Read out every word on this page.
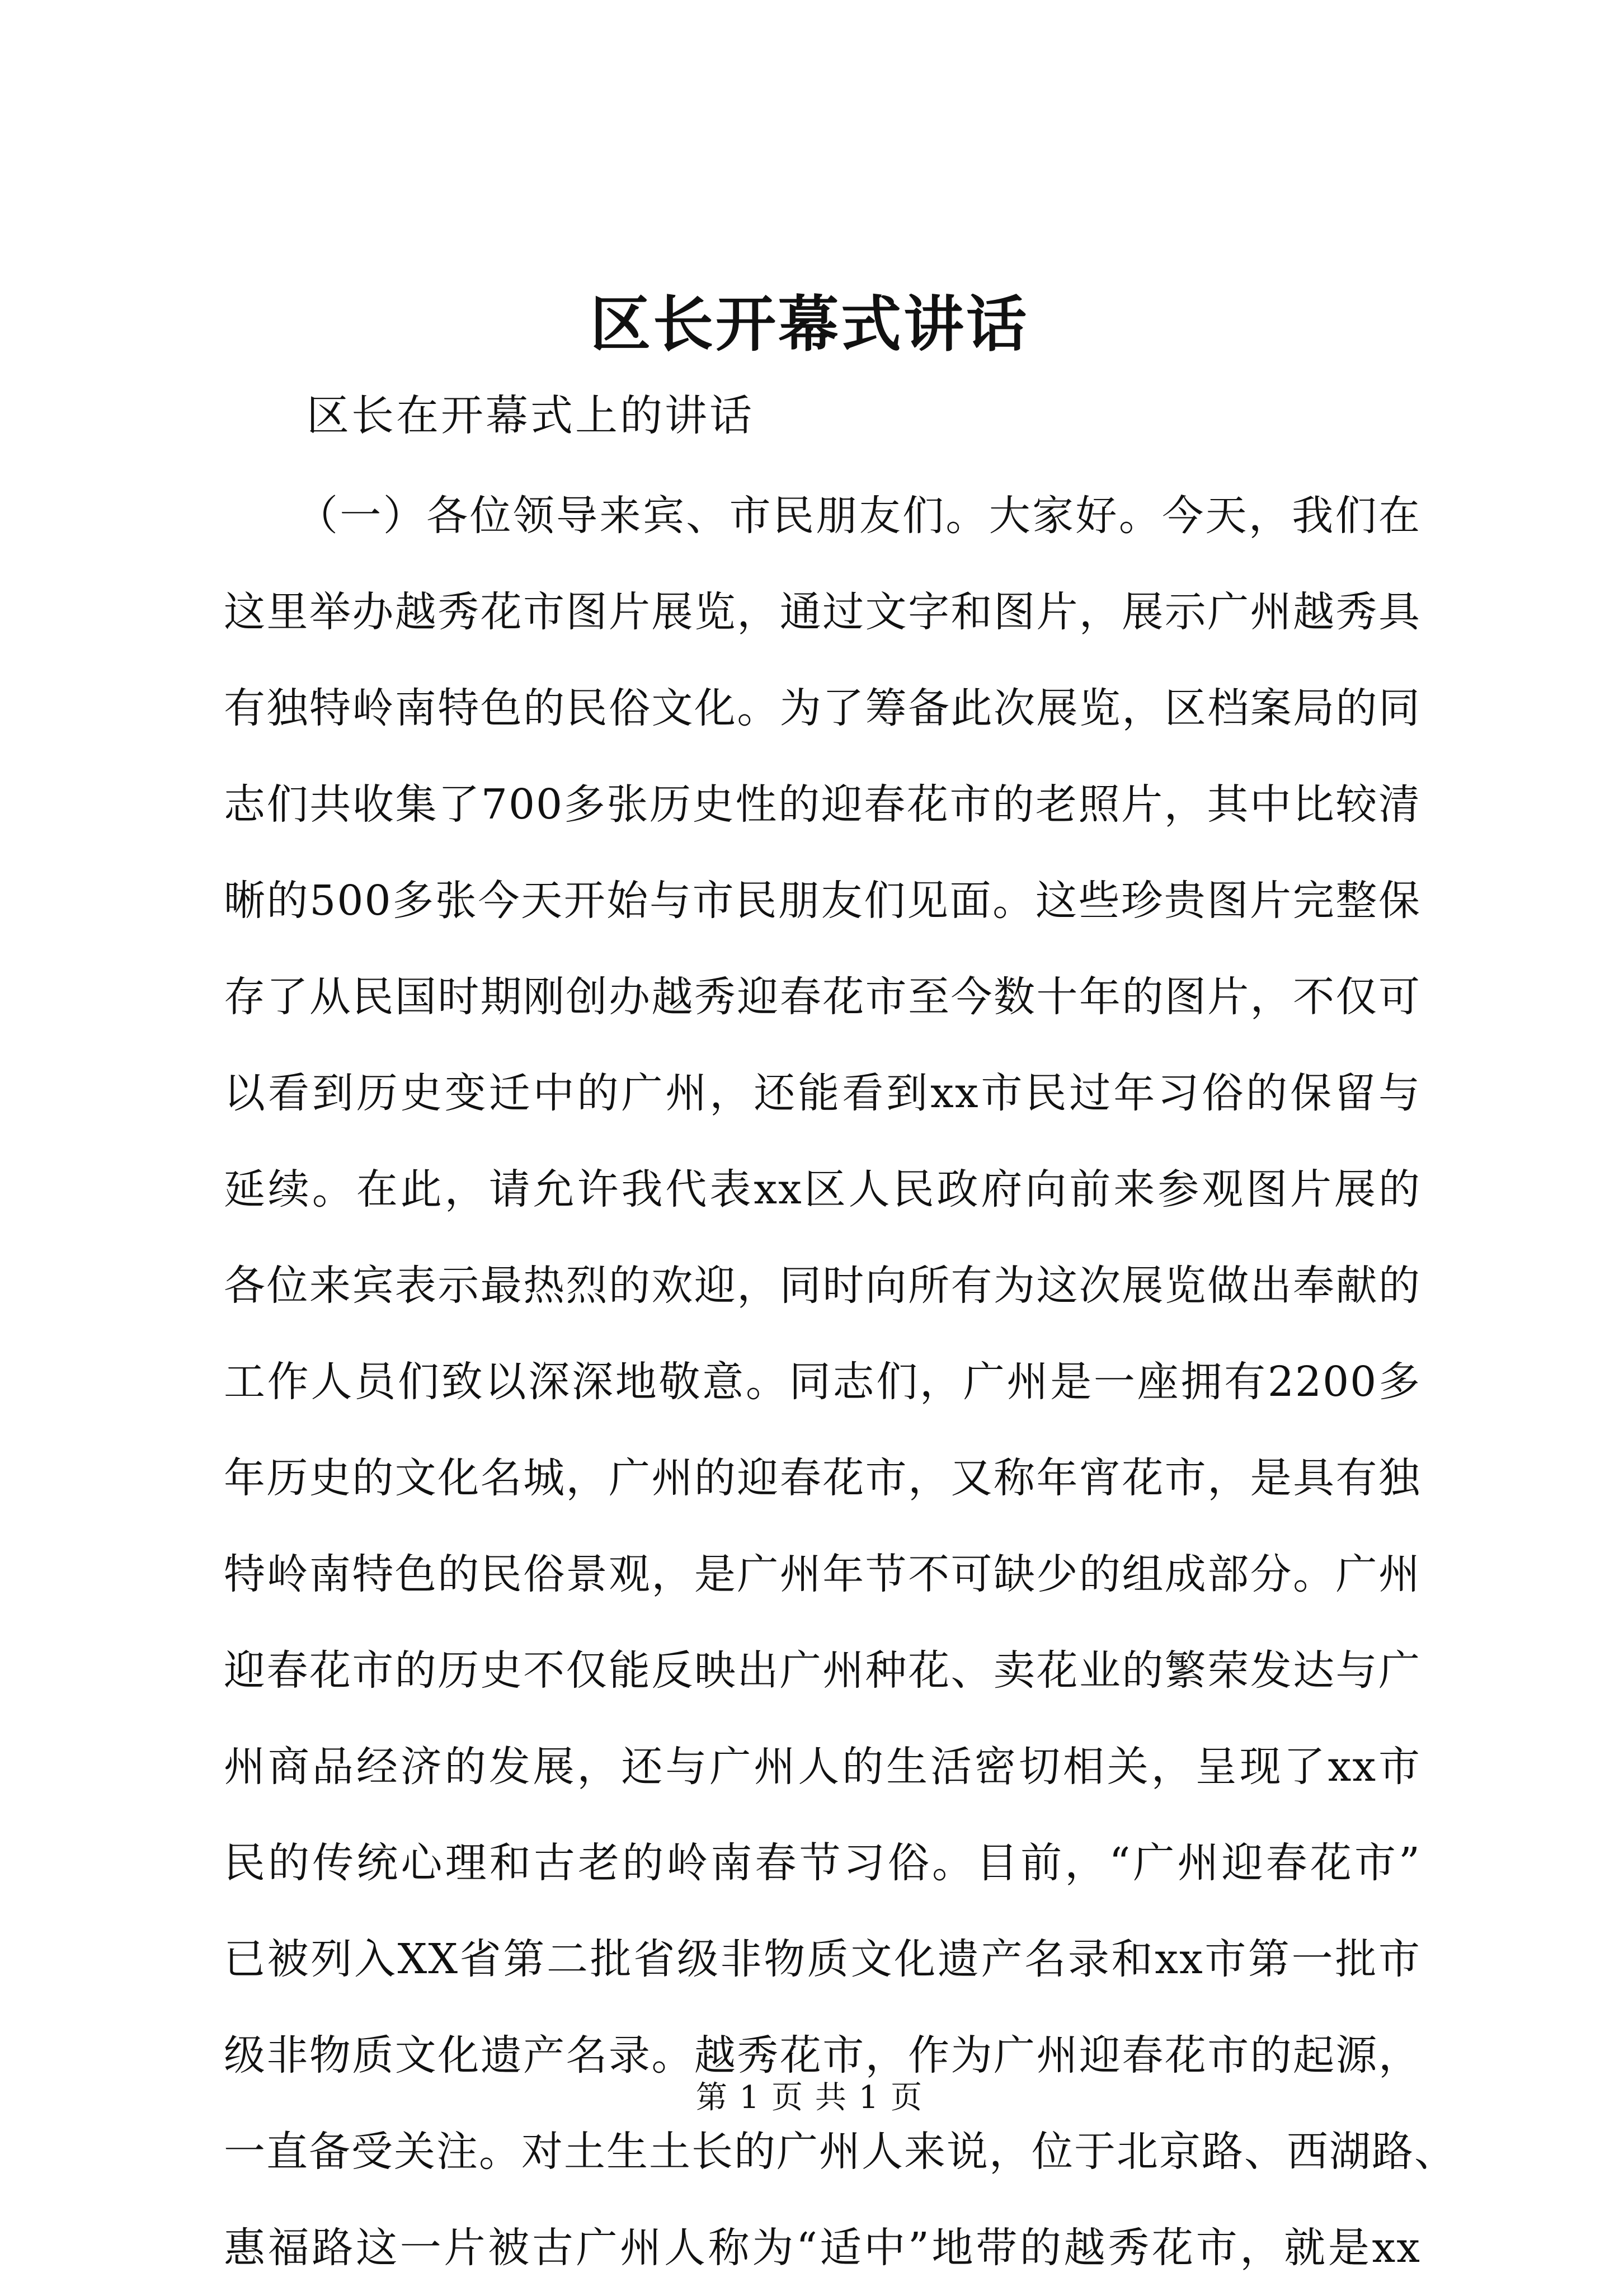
区长开幕式讲话
区长在开幕式上的讲话
（一）各位领导来宾、市民朋友们。大家好。今天，我们在
这里举办越秀花市图片展览，通过文字和图片，展示广州越秀具
有独特岭南特色的民俗文化。为了筹备此次展览，区档案局的同
志们共收集了700多张历史性的迎春花市的老照片，其中比较清
晰的500多张今天开始与市民朋友们见面。这些珍贵图片完整保
存了从民国时期刚创办越秀迎春花市至今数十年的图片，不仅可
以看到历史变迁中的广州，还能看到xx市民过年习俗的保留与
延续。在此，请允许我代表xx区人民政府向前来参观图片展的
各位来宾表示最热烈的欢迎，同时向所有为这次展览做出奉献的
工作人员们致以深深地敬意。同志们，广州是一座拥有2200多
年历史的文化名城，广州的迎春花市，又称年宵花市，是具有独
特岭南特色的民俗景观，是广州年节不可缺少的组成部分。广州
迎春花市的历史不仅能反映出广州种花、卖花业的繁荣发达与广
州商品经济的发展，还与广州人的生活密切相关，呈现了xx市
民的传统心理和古老的岭南春节习俗。目前，“广州迎春花市”
已被列入XX省第二批省级非物质文化遗产名录和xx市第一批市
级非物质文化遗产名录。越秀花市，作为广州迎春花市的起源，
一直备受关注。对土生土长的广州人来说，位于北京路、西湖路、
惠福路这一片被古广州人称为“适中”地带的越秀花市，就是xx
第 1 页 共 1 页
